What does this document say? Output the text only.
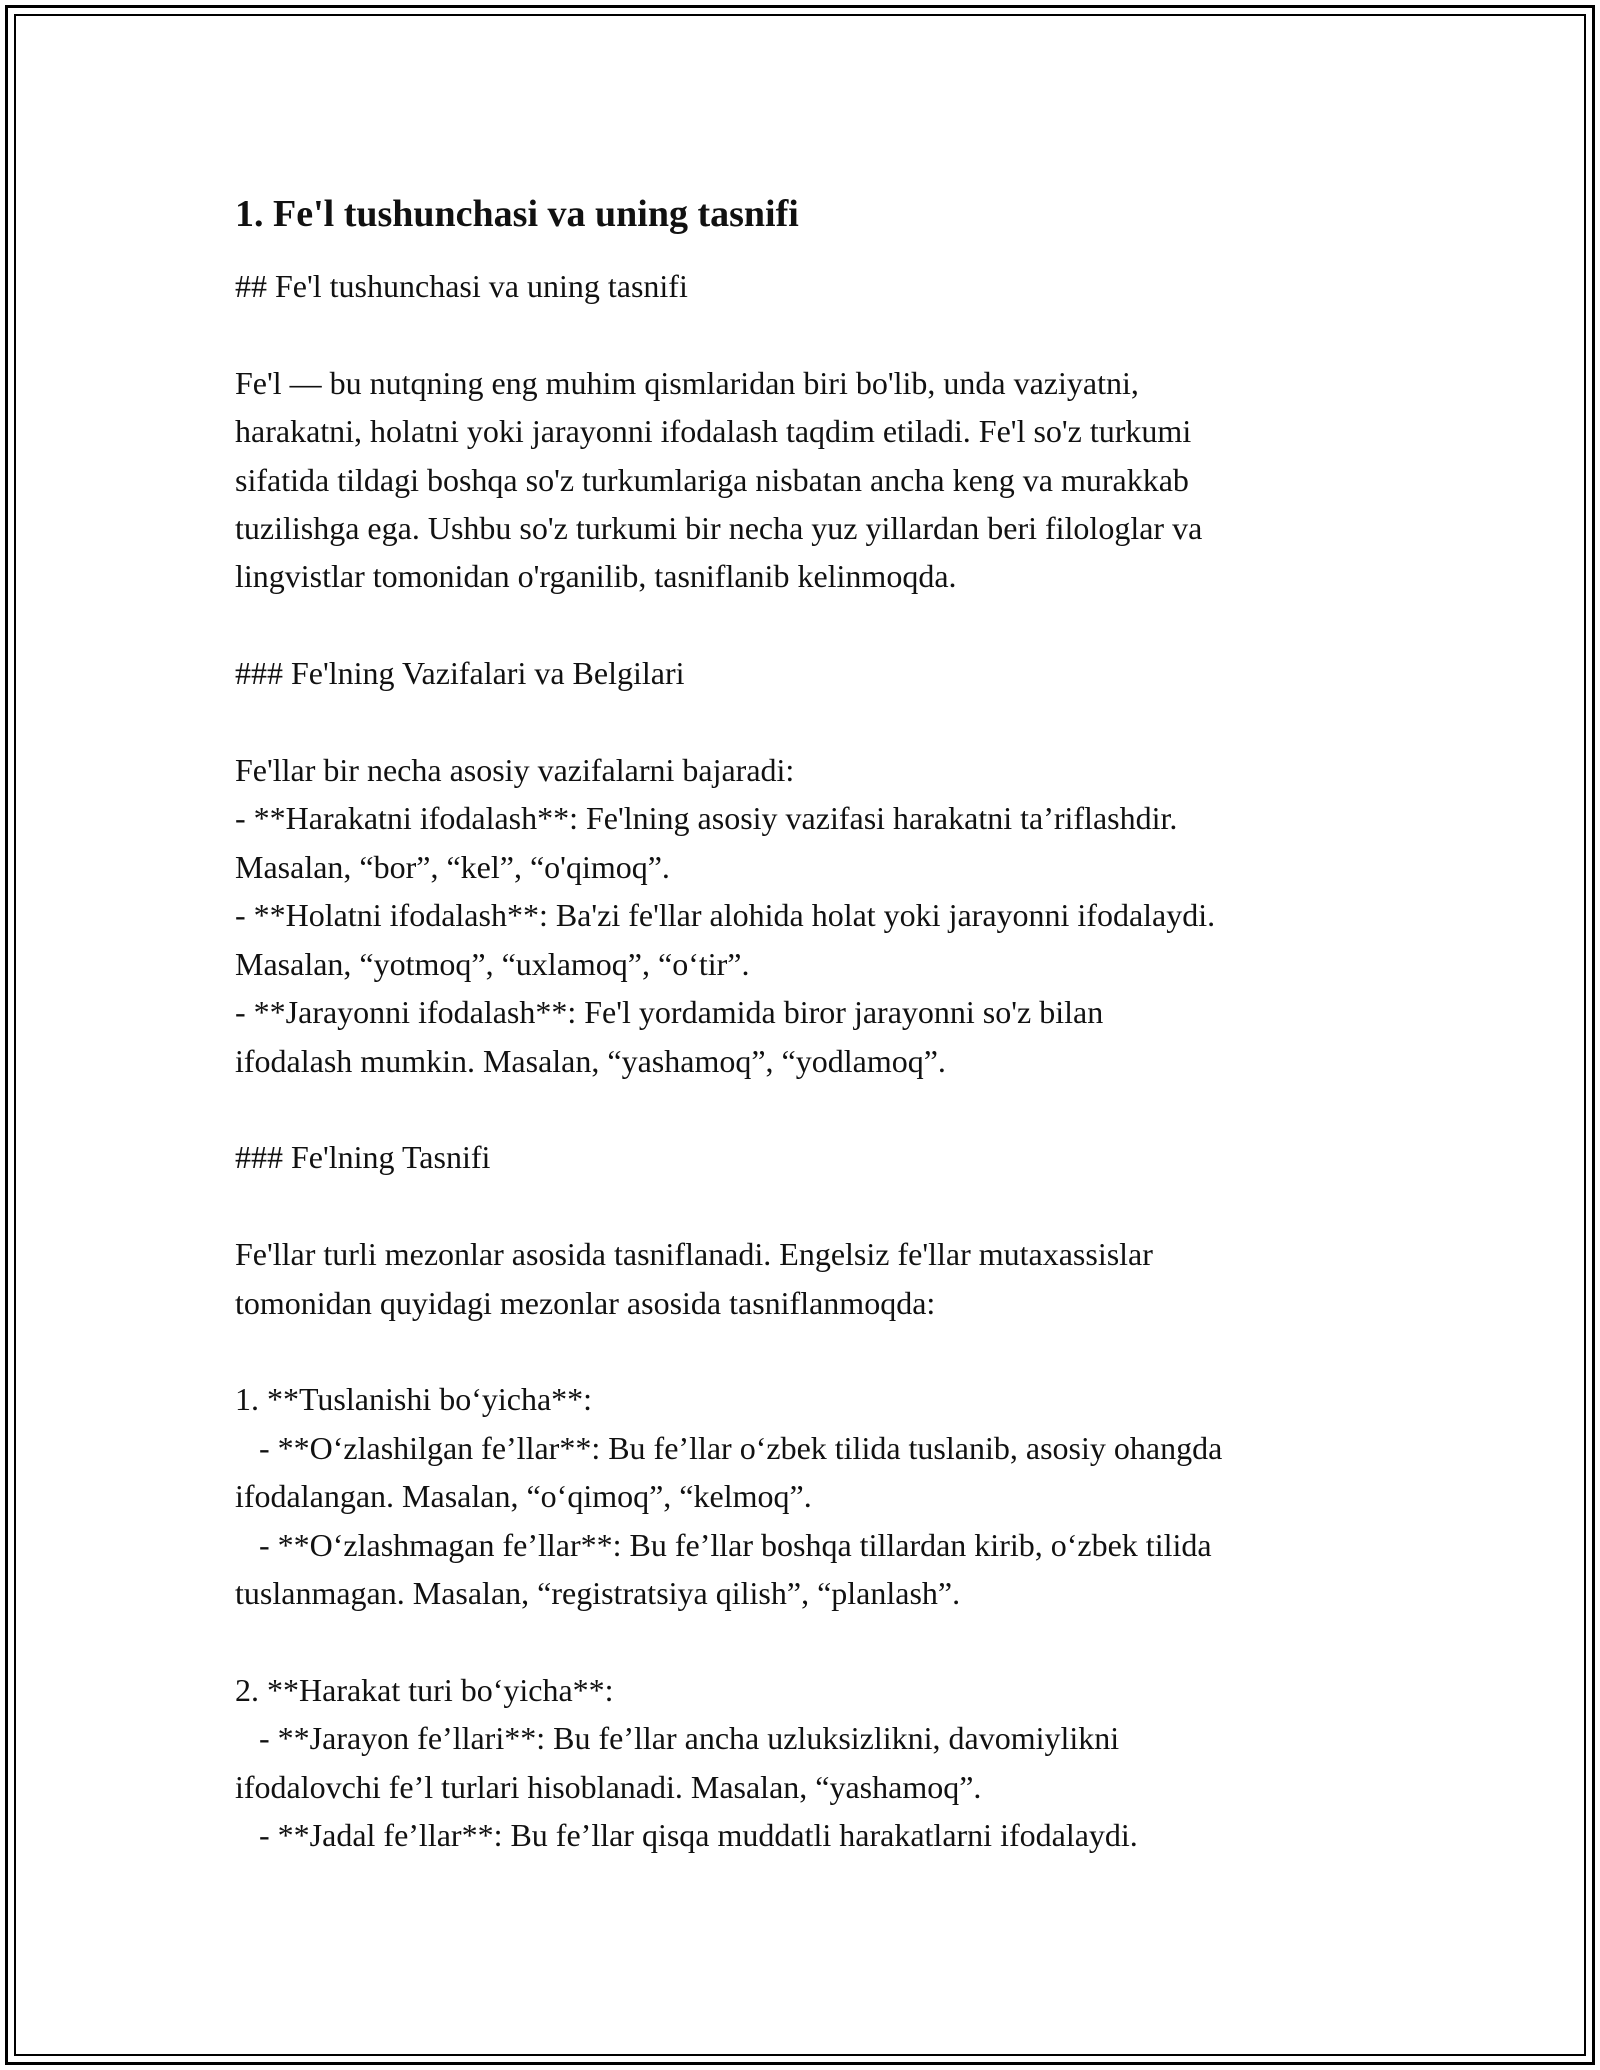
1. Fe'l tushunchasi va uning tasnifi

## Fe'l tushunchasi va uning tasnifi

Fe'l — bu nutqning eng muhim qismlaridan biri bo'lib, unda vaziyatni,
harakatni, holatni yoki jarayonni ifodalash taqdim etiladi. Fe'l so'z turkumi
sifatida tildagi boshqa so'z turkumlariga nisbatan ancha keng va murakkab
tuzilishga ega. Ushbu so'z turkumi bir necha yuz yillardan beri filologlar va
lingvistlar tomonidan o'rganilib, tasniflanib kelinmoqda.

### Fe'lning Vazifalari va Belgilari

Fe'llar bir necha asosiy vazifalarni bajaradi:
- **Harakatni ifodalash**: Fe'lning asosiy vazifasi harakatni ta’riflashdir.
Masalan, “bor”, “kel”, “o'qimoq”.
- **Holatni ifodalash**: Ba'zi fe'llar alohida holat yoki jarayonni ifodalaydi.
Masalan, “yotmoq”, “uxlamoq”, “o‘tir”.
- **Jarayonni ifodalash**: Fe'l yordamida biror jarayonni so'z bilan
ifodalash mumkin. Masalan, “yashamoq”, “yodlamoq”.

### Fe'lning Tasnifi

Fe'llar turli mezonlar asosida tasniflanadi. Engelsiz fe'llar mutaxassislar
tomonidan quyidagi mezonlar asosida tasniflanmoqda:

1. **Tuslanishi bo‘yicha**:
- **O‘zlashilgan fe’llar**: Bu fe’llar o‘zbek tilida tuslanib, asosiy ohangda
ifodalangan. Masalan, “o‘qimoq”, “kelmoq”.
- **O‘zlashmagan fe’llar**: Bu fe’llar boshqa tillardan kirib, o‘zbek tilida
tuslanmagan. Masalan, “registratsiya qilish”, “planlash”.

2. **Harakat turi bo‘yicha**:
- **Jarayon fe’llari**: Bu fe’llar ancha uzluksizlikni, davomiylikni
ifodalovchi fe’l turlari hisoblanadi. Masalan, “yashamoq”.
- **Jadal fe’llar**: Bu fe’llar qisqa muddatli harakatlarni ifodalaydi.
